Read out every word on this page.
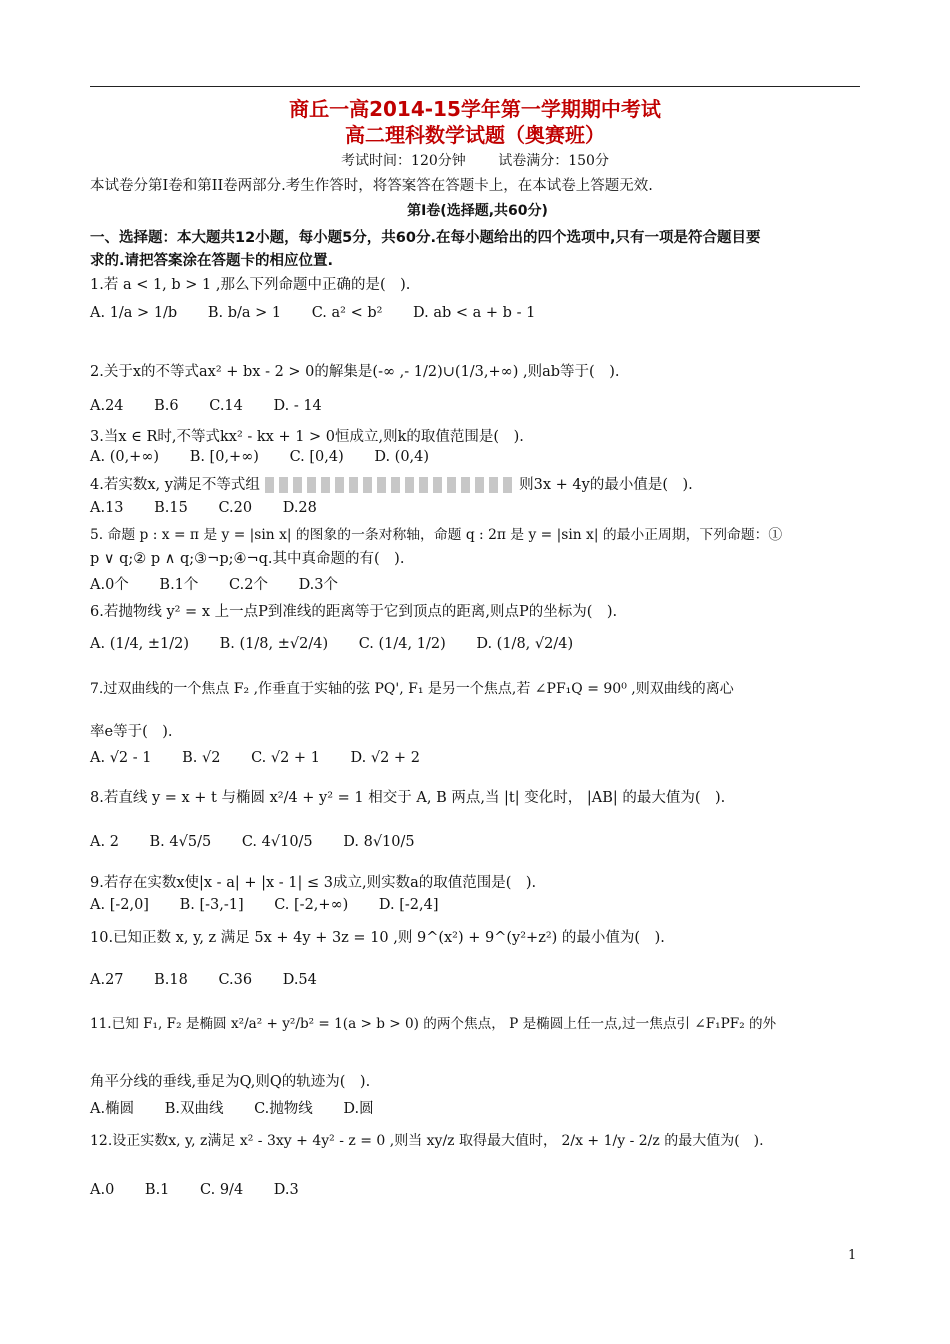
商丘一高2014-15学年第一学期期中考试
高二理科数学试题（奥赛班）
考试时间：120分钟 试卷满分：150分
本试卷分第I卷和第II卷两部分.考生作答时，将答案答在答题卡上，在本试卷上答题无效.
第I卷(选择题,共60分)
一、选择题：本大题共12小题，每小题5分，共60分.在每小题给出的四个选项中,只有一项是符合题目要
求的.请把答案涂在答题卡的相应位置.
1.若 a < 1, b > 1 ,那么下列命题中正确的是(　).
A. 1/a > 1/b B. b/a > 1 C. a² < b² D. ab < a + b - 1
2.关于x的不等式ax² + bx - 2 > 0的解集是(-∞ ,- 1/2)∪(1/3,+∞) ,则ab等于(　).
A.24 B.6 C.14 D. - 14
3.当x ∈ R时,不等式kx² - kx + 1 > 0恒成立,则k的取值范围是(　).
A. (0,+∞) B. [0,+∞) C. [0,4) D. (0,4)
4.若实数x, y满足不等式组	则3x + 4y的最小值是(　).
A.13 B.15 C.20 D.28
5. 命题 p : x = π 是 y = |sin x| 的图象的一条对称轴，命题 q : 2π 是 y = |sin x| 的最小正周期，下列命题：①
p ∨ q;② p ∧ q;③¬p;④¬q.其中真命题的有(　).
A.0个 B.1个 C.2个 D.3个
6.若抛物线 y² = x 上一点P到准线的距离等于它到顶点的距离,则点P的坐标为(　).
A. (1/4, ±1/2) B. (1/8, ±√2/4) C. (1/4, 1/2) D. (1/8, √2/4)
7.过双曲线的一个焦点 F₂ ,作垂直于实轴的弦 PQ', F₁ 是另一个焦点,若 ∠PF₁Q = 90⁰ ,则双曲线的离心
率e等于(　).
A. √2 - 1 B. √2 C. √2 + 1 D. √2 + 2
8.若直线 y = x + t 与椭圆 x²/4 + y² = 1 相交于 A, B 两点,当 |t| 变化时， |AB| 的最大值为(　).
A. 2 B. 4√5/5 C. 4√10/5 D. 8√10/5
9.若存在实数x使|x - a| + |x - 1| ≤ 3成立,则实数a的取值范围是(　).
A. [-2,0] B. [-3,-1] C. [-2,+∞) D. [-2,4]
10.已知正数 x, y, z 满足 5x + 4y + 3z = 10 ,则 9^(x²) + 9^(y²+z²) 的最小值为(　).
A.27 B.18 C.36 D.54
11.已知 F₁, F₂ 是椭圆 x²/a² + y²/b² = 1(a > b > 0) 的两个焦点， P 是椭圆上任一点,过一焦点引 ∠F₁PF₂ 的外
角平分线的垂线,垂足为Q,则Q的轨迹为(　).
A.椭圆 B.双曲线 C.抛物线 D.圆
12.设正实数x, y, z满足 x² - 3xy + 4y² - z = 0 ,则当 xy/z 取得最大值时， 2/x + 1/y - 2/z 的最大值为(　).
A.0 B.1 C. 9/4 D.3
1
